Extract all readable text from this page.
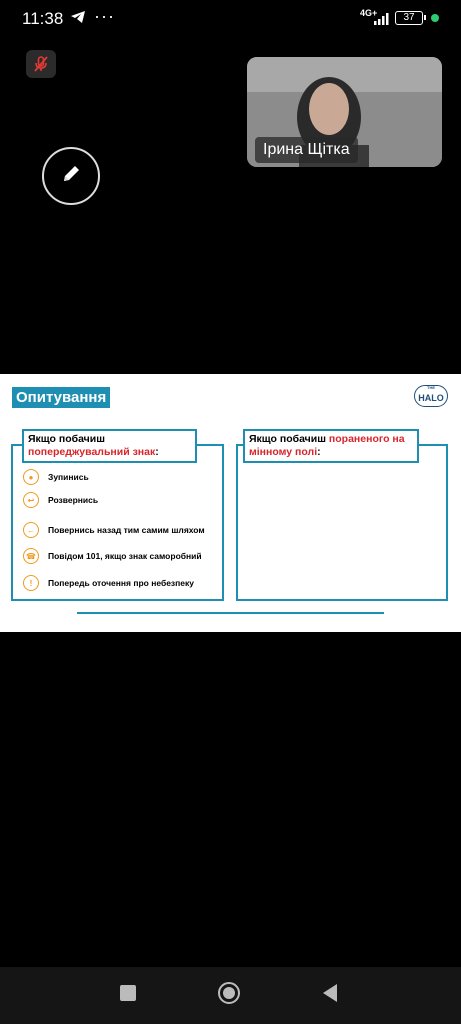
11:38 ···	4G+	37
Ірина Щітка
Опитування
THE
HALO
●	Зупинись
↩	Розвернись
←	Повернись назад тим самим шляхом
☎	Повідом 101, якщо знак саморобний
!	Попередь оточення про небезпеку
Якщо побачиш
попереджувальний знак:
Якщо побачиш пораненого на мінному полі:
